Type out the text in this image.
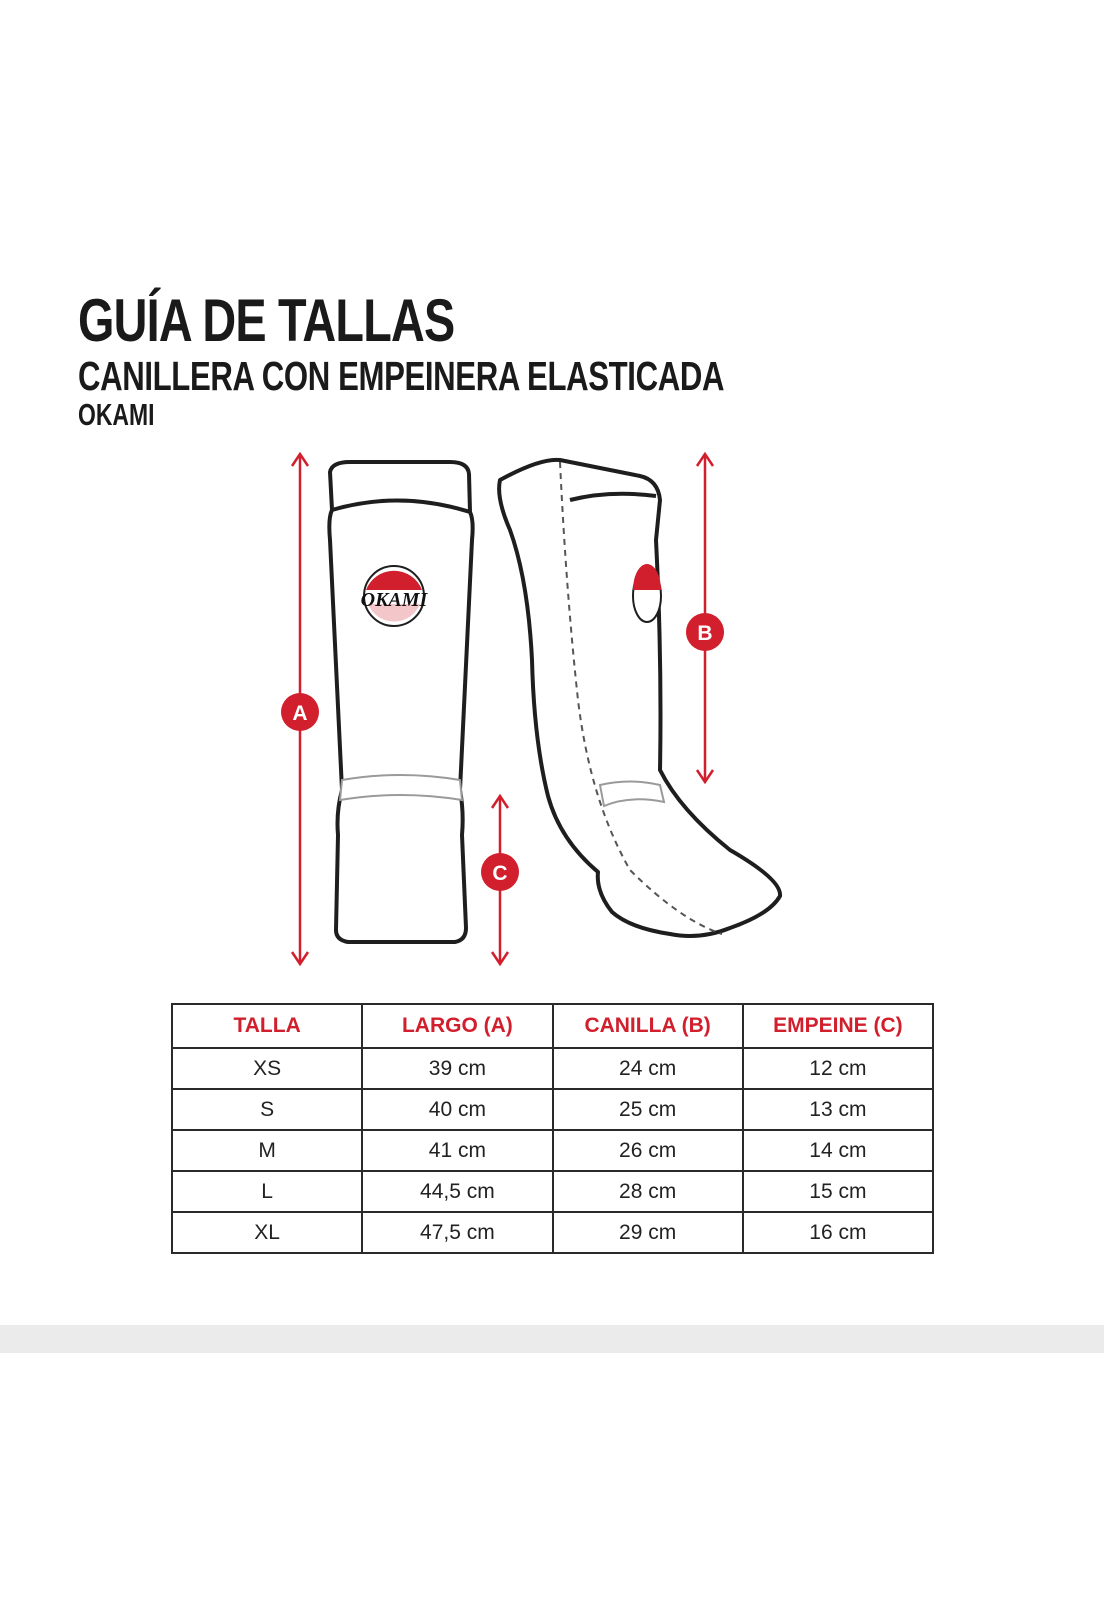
GUÍA DE TALLAS
CANILLERA CON EMPEINERA ELASTICADA
OKAMI
OKAMI
A
B
C
TALLA	LARGO (A)	CANILLA (B)	EMPEINE (C)
XS	39 cm	24 cm	12 cm
S	40 cm	25 cm	13 cm
M	41 cm	26 cm	14 cm
L	44,5 cm	28 cm	15 cm
XL	47,5 cm	29 cm	16 cm
